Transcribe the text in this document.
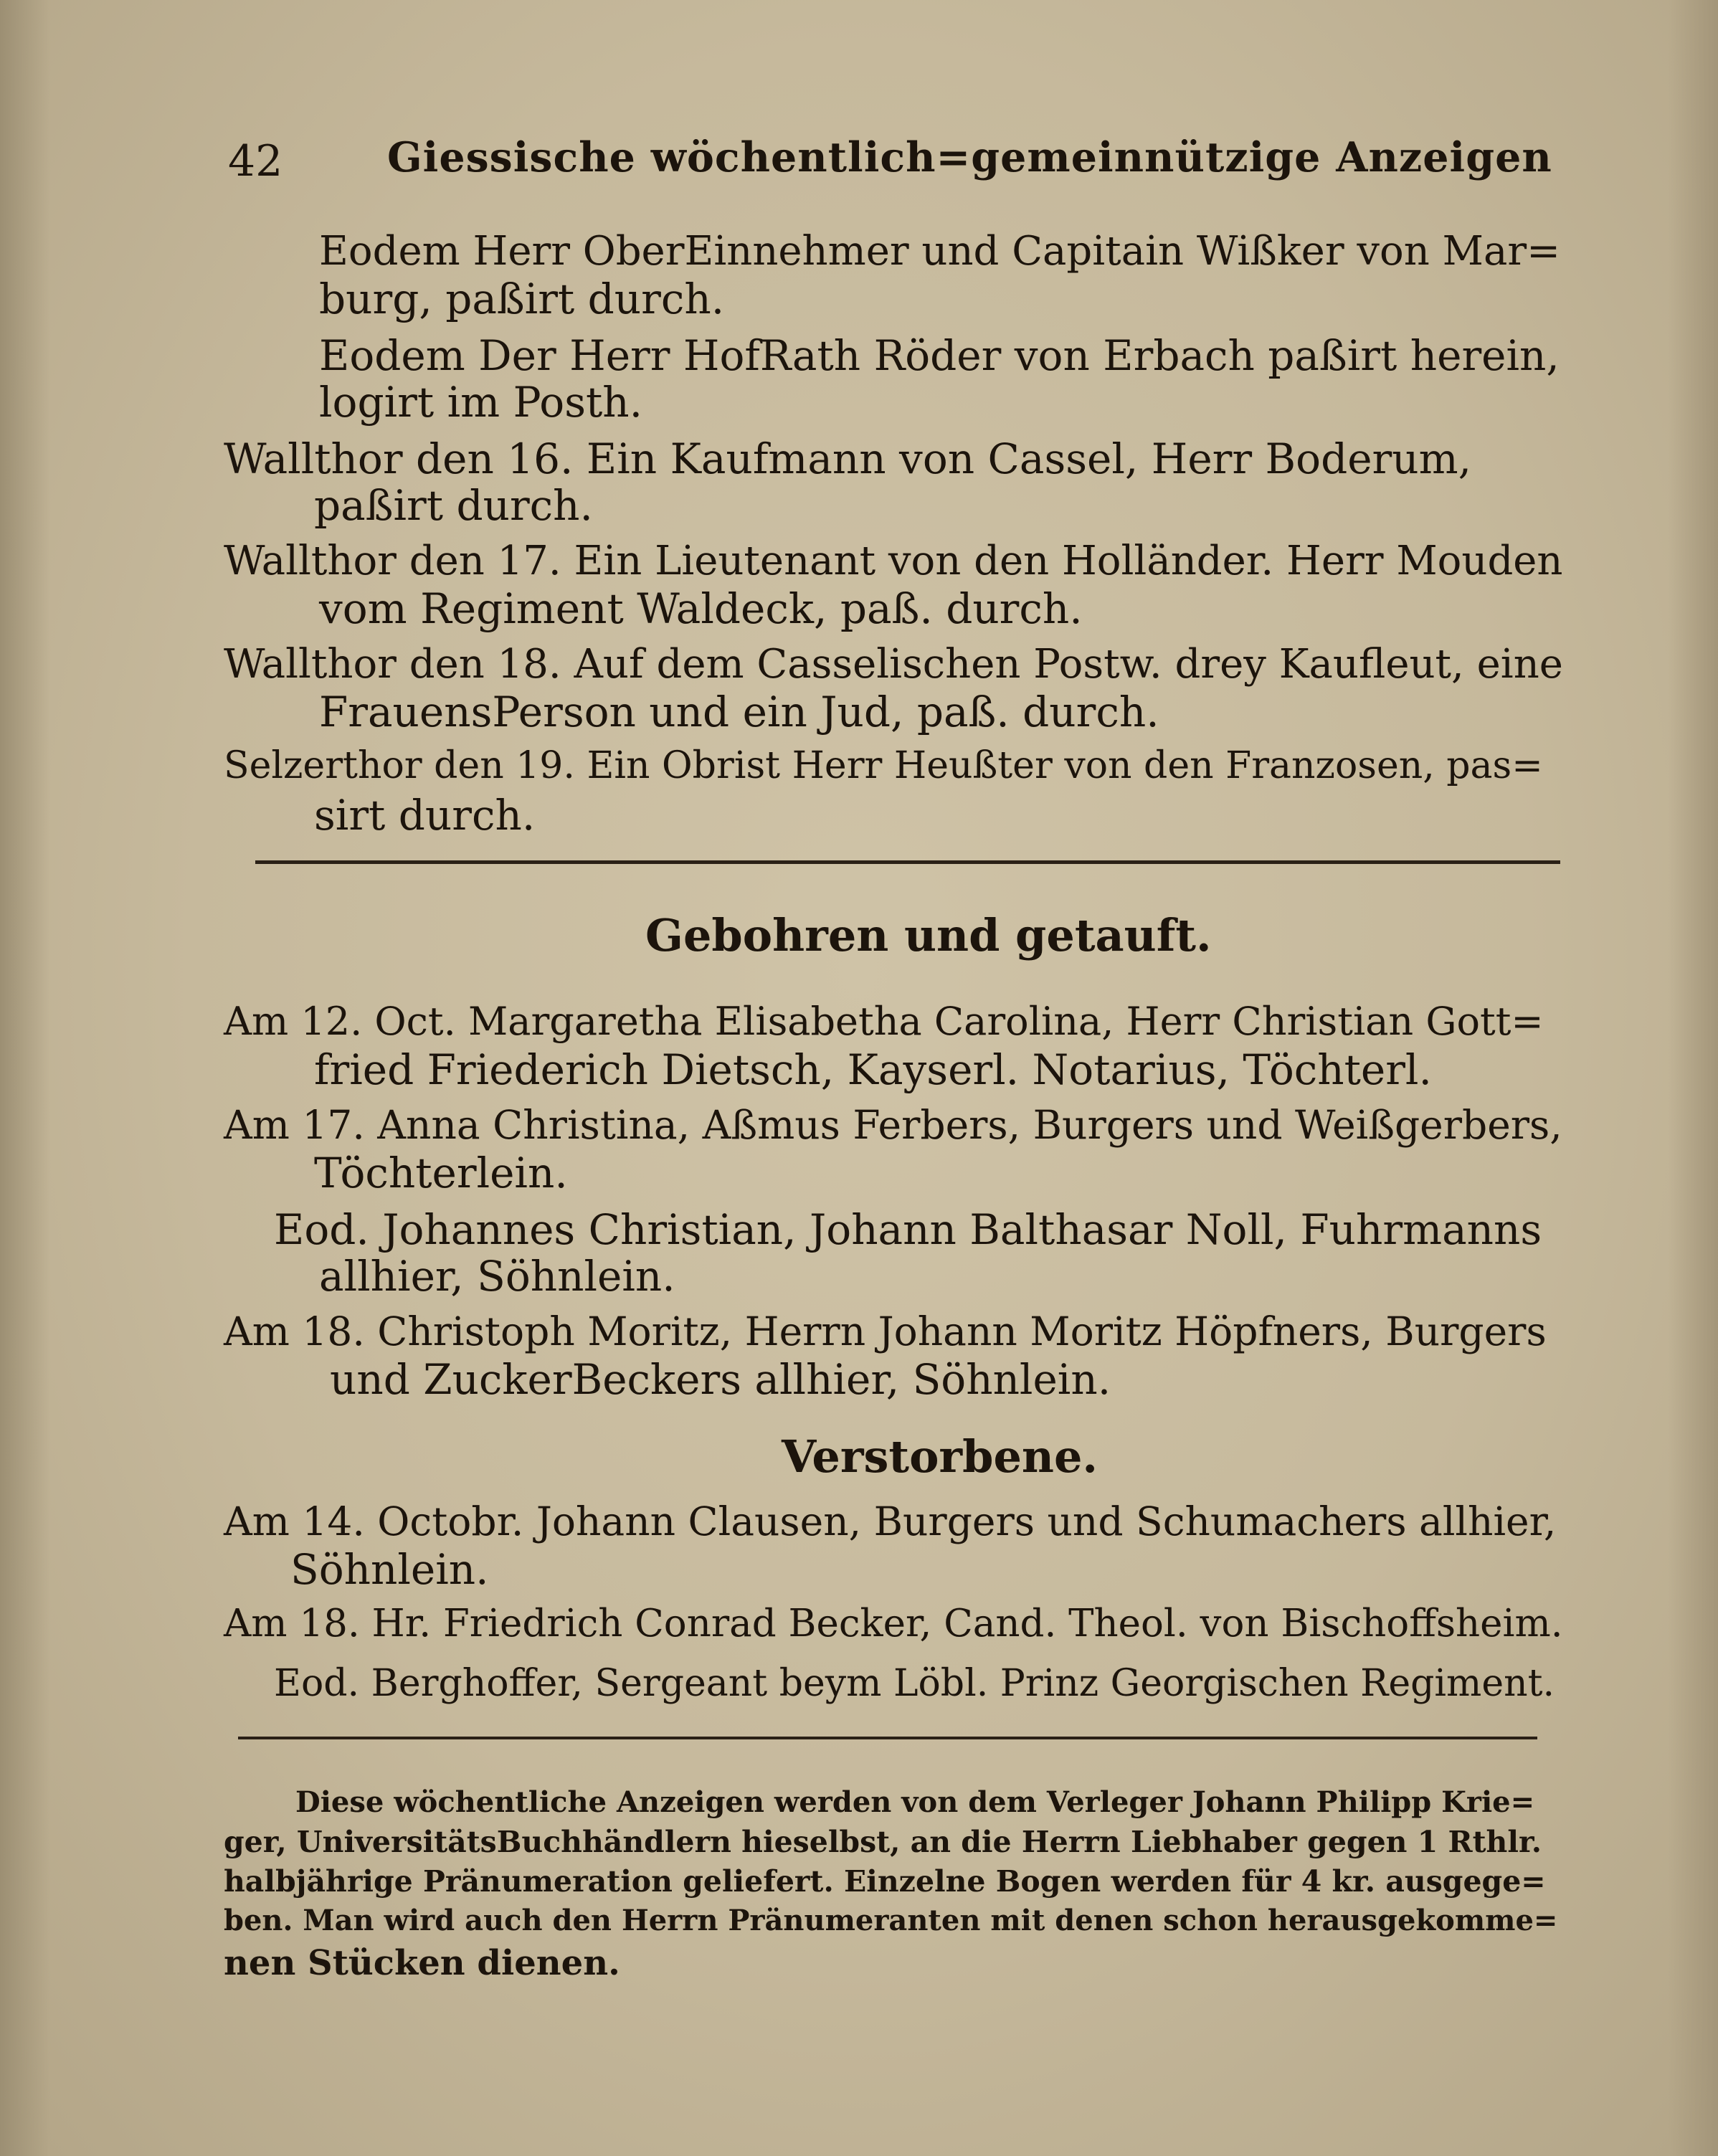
42	Giessische wöchentlich=gemeinnützige Anzeigen
Eodem Herr OberEinnehmer und Capitain Wißker von Mar=
burg, paßirt durch.
Eodem Der Herr HofRath Röder von Erbach paßirt herein,
logirt im Posth.
Wallthor den 16. Ein Kaufmann von Cassel, Herr Boderum,
paßirt durch.
Wallthor den 17. Ein Lieutenant von den Holländer. Herr Mouden
vom Regiment Waldeck, paß. durch.
Wallthor den 18. Auf dem Casselischen Postw. drey Kaufleut, eine
FrauensPerson und ein Jud, paß. durch.
Selzerthor den 19. Ein Obrist Herr Heußter von den Franzosen, pas=
sirt durch.
Gebohren und getauft.
Am 12. Oct. Margaretha Elisabetha Carolina, Herr Christian Gott=
fried Friederich Dietsch, Kayserl. Notarius, Töchterl.
Am 17. Anna Christina, Aßmus Ferbers, Burgers und Weißgerbers,
Töchterlein.
Eod. Johannes Christian, Johann Balthasar Noll, Fuhrmanns
allhier, Söhnlein.
Am 18. Christoph Moritz, Herrn Johann Moritz Höpfners, Burgers
und ZuckerBeckers allhier, Söhnlein.
Verstorbene.
Am 14. Octobr. Johann Clausen, Burgers und Schumachers allhier,
Söhnlein.
Am 18. Hr. Friedrich Conrad Becker, Cand. Theol. von Bischoffsheim.
Eod. Berghoffer, Sergeant beym Löbl. Prinz Georgischen Regiment.
Diese wöchentliche Anzeigen werden von dem Verleger Johann Philipp Krie=
ger, UniversitätsBuchhändlern hieselbst, an die Herrn Liebhaber gegen 1 Rthlr.
halbjährige Pränumeration geliefert. Einzelne Bogen werden für 4 kr. ausgege=
ben. Man wird auch den Herrn Pränumeranten mit denen schon herausgekomme=
nen Stücken dienen.
